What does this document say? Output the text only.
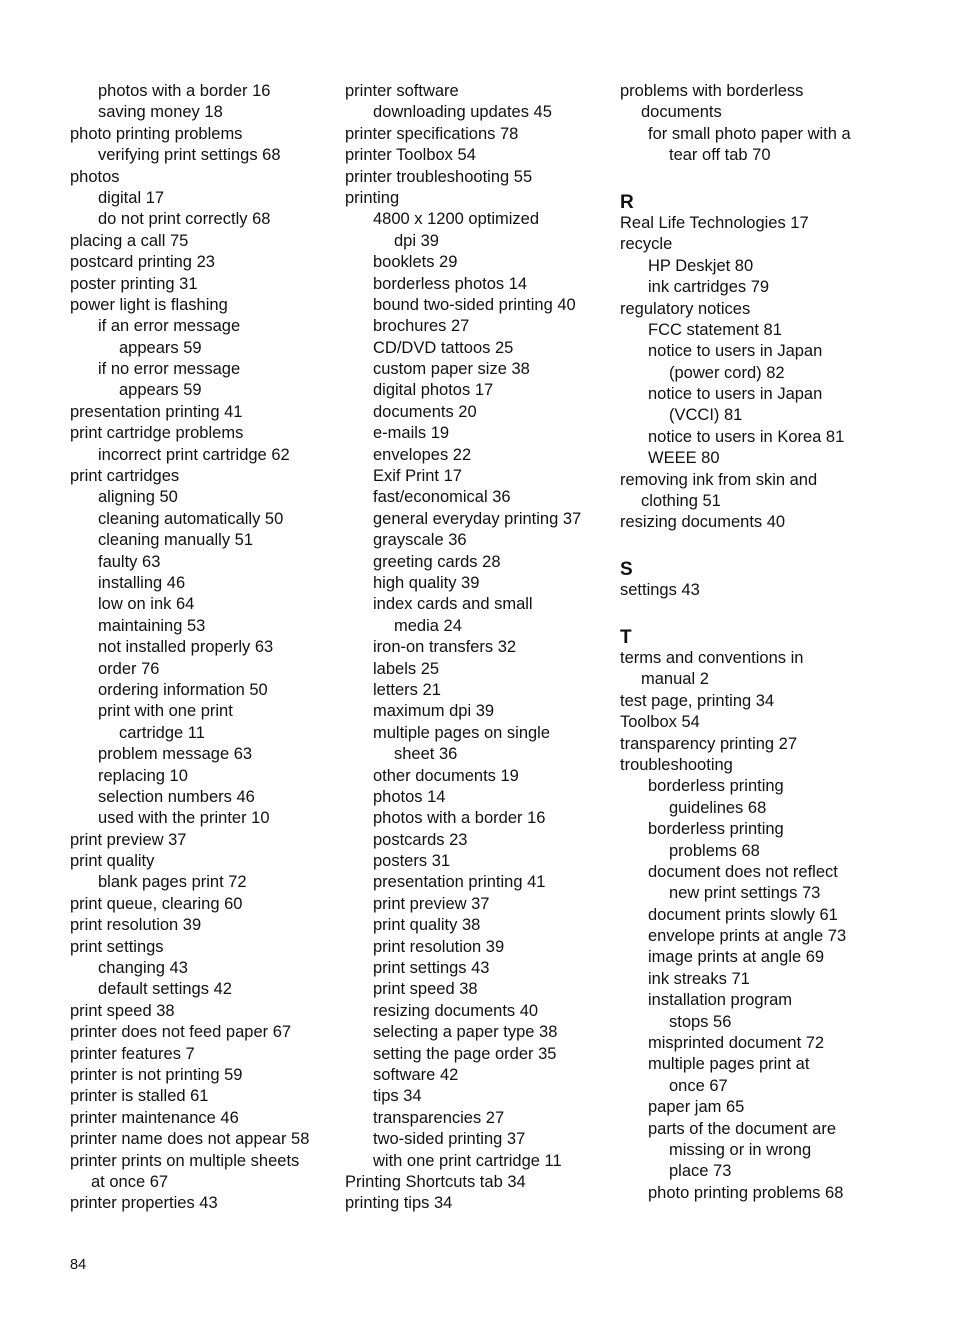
photos with a border 16
saving money 18
photo printing problems
verifying print settings 68
photos
digital 17
do not print correctly 68
placing a call 75
postcard printing 23
poster printing 31
power light is flashing
if an error message
appears 59
if no error message
appears 59
presentation printing 41
print cartridge problems
incorrect print cartridge 62
print cartridges
aligning 50
cleaning automatically 50
cleaning manually 51
faulty 63
installing 46
low on ink 64
maintaining 53
not installed properly 63
order 76
ordering information 50
print with one print
cartridge 11
problem message 63
replacing 10
selection numbers 46
used with the printer 10
print preview 37
print quality
blank pages print 72
print queue, clearing 60
print resolution 39
print settings
changing 43
default settings 42
print speed 38
printer does not feed paper 67
printer features 7
printer is not printing 59
printer is stalled 61
printer maintenance 46
printer name does not appear 58
printer prints on multiple sheets
at once 67
printer properties 43
printer software
downloading updates 45
printer specifications 78
printer Toolbox 54
printer troubleshooting 55
printing
4800 x 1200 optimized
dpi 39
booklets 29
borderless photos 14
bound two-sided printing 40
brochures 27
CD/DVD tattoos 25
custom paper size 38
digital photos 17
documents 20
e-mails 19
envelopes 22
Exif Print 17
fast/economical 36
general everyday printing 37
grayscale 36
greeting cards 28
high quality 39
index cards and small
media 24
iron-on transfers 32
labels 25
letters 21
maximum dpi 39
multiple pages on single
sheet 36
other documents 19
photos 14
photos with a border 16
postcards 23
posters 31
presentation printing 41
print preview 37
print quality 38
print resolution 39
print settings 43
print speed 38
resizing documents 40
selecting a paper type 38
setting the page order 35
software 42
tips 34
transparencies 27
two-sided printing 37
with one print cartridge 11
Printing Shortcuts tab 34
printing tips 34
problems with borderless
documents
for small photo paper with a
tear off tab 70
R
Real Life Technologies 17
recycle
HP Deskjet 80
ink cartridges 79
regulatory notices
FCC statement 81
notice to users in Japan
(power cord) 82
notice to users in Japan
(VCCI) 81
notice to users in Korea 81
WEEE 80
removing ink from skin and
clothing 51
resizing documents 40
S
settings 43
T
terms and conventions in
manual 2
test page, printing 34
Toolbox 54
transparency printing 27
troubleshooting
borderless printing
guidelines 68
borderless printing
problems 68
document does not reflect
new print settings 73
document prints slowly 61
envelope prints at angle 73
image prints at angle 69
ink streaks 71
installation program
stops 56
misprinted document 72
multiple pages print at
once 67
paper jam 65
parts of the document are
missing or in wrong
place 73
photo printing problems 68
84
